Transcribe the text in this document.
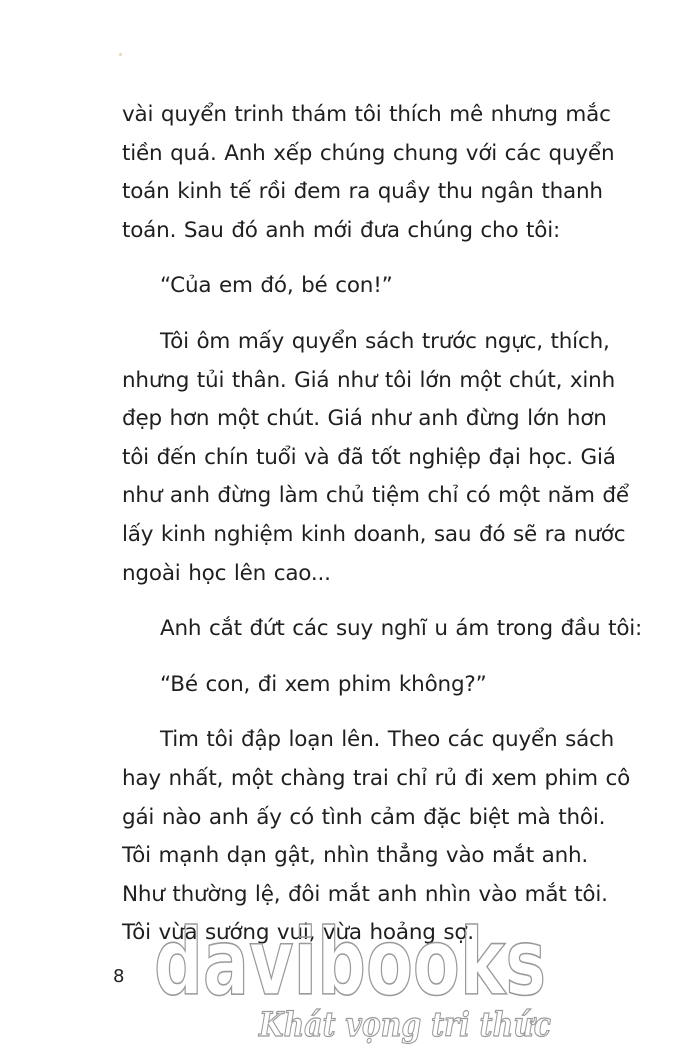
vài quyển trinh thám tôi thích mê nhưng mắc
tiền quá. Anh xếp chúng chung với các quyển
toán kinh tế rồi đem ra quầy thu ngân thanh
toán. Sau đó anh mới đưa chúng cho tôi:
“Của em đó, bé con!”
Tôi ôm mấy quyển sách trước ngực, thích,
nhưng tủi thân. Giá như tôi lớn một chút, xinh
đẹp hơn một chút. Giá như anh đừng lớn hơn
tôi đến chín tuổi và đã tốt nghiệp đại học. Giá
như anh đừng làm chủ tiệm chỉ có một năm để
lấy kinh nghiệm kinh doanh, sau đó sẽ ra nước
ngoài học lên cao...
Anh cắt đứt các suy nghĩ u ám trong đầu tôi:
“Bé con, đi xem phim không?”
Tim tôi đập loạn lên. Theo các quyển sách
hay nhất, một chàng trai chỉ rủ đi xem phim cô
gái nào anh ấy có tình cảm đặc biệt mà thôi.
Tôi mạnh dạn gật, nhìn thẳng vào mắt anh.
Như thường lệ, đôi mắt anh nhìn vào mắt tôi.
Tôi vừa sướng vui, vừa hoảng sợ.
8 davibooks
Khát vọng tri thức
